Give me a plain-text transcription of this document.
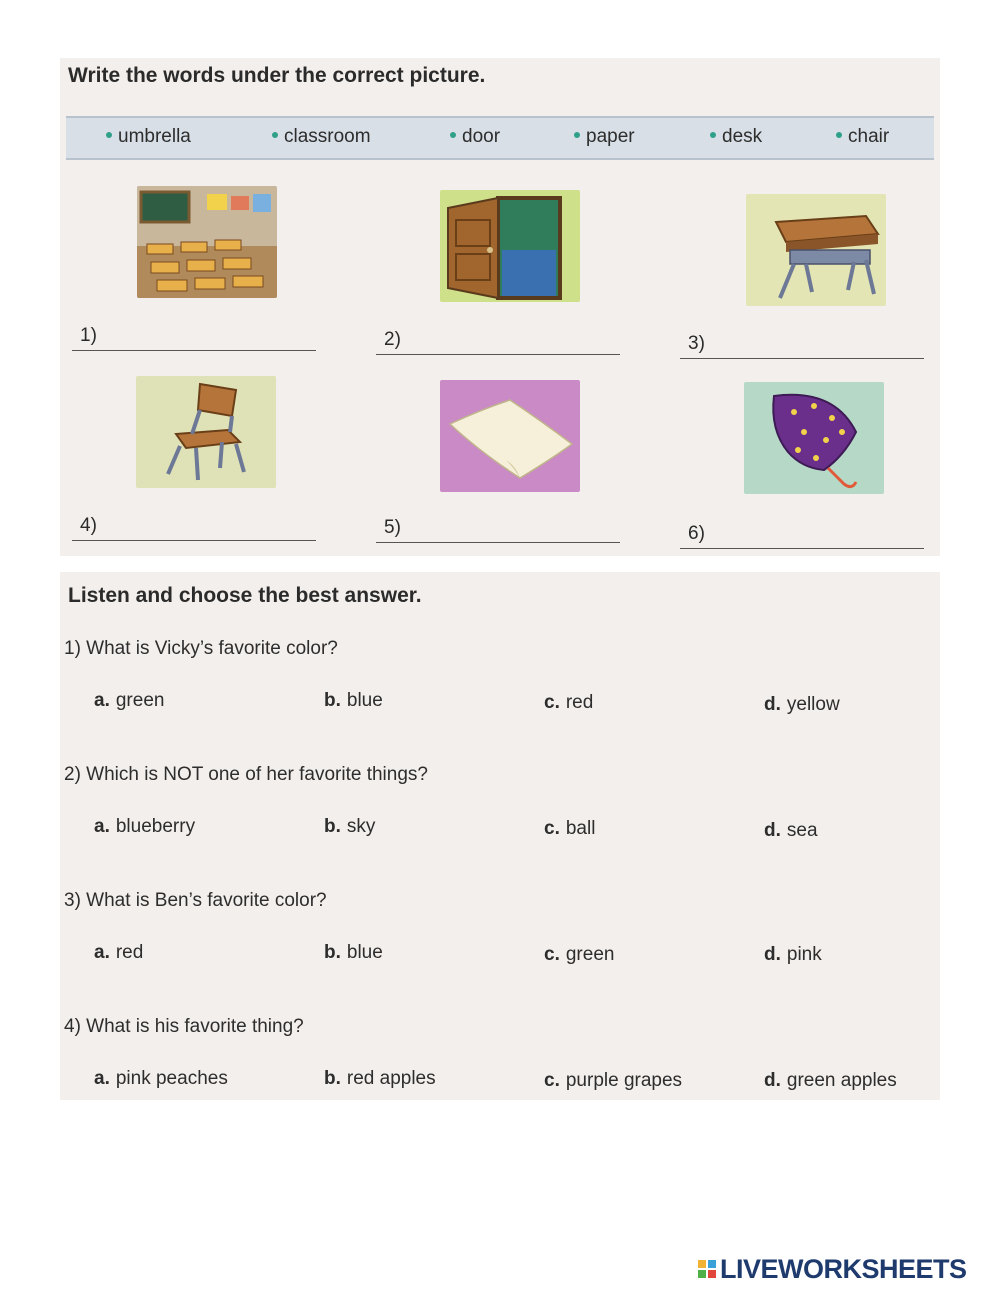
Write the words under the correct picture.
umbrella	classroom	door	paper	desk	chair
1)	2)	3)
4)	5)	6)
Listen and choose the best answer.
1) What is Vicky’s favorite color?
a. green	b. blue	c. red	d. yellow
2) Which is NOT one of her favorite things?
a. blueberry	b. sky	c. ball	d. sea
3) What is Ben’s favorite color?
a. red	b. blue	c. green	d. pink
4) What is his favorite thing?
a. pink peaches	b. red apples	c. purple grapes	d. green apples
LIVEWORKSHEETS
